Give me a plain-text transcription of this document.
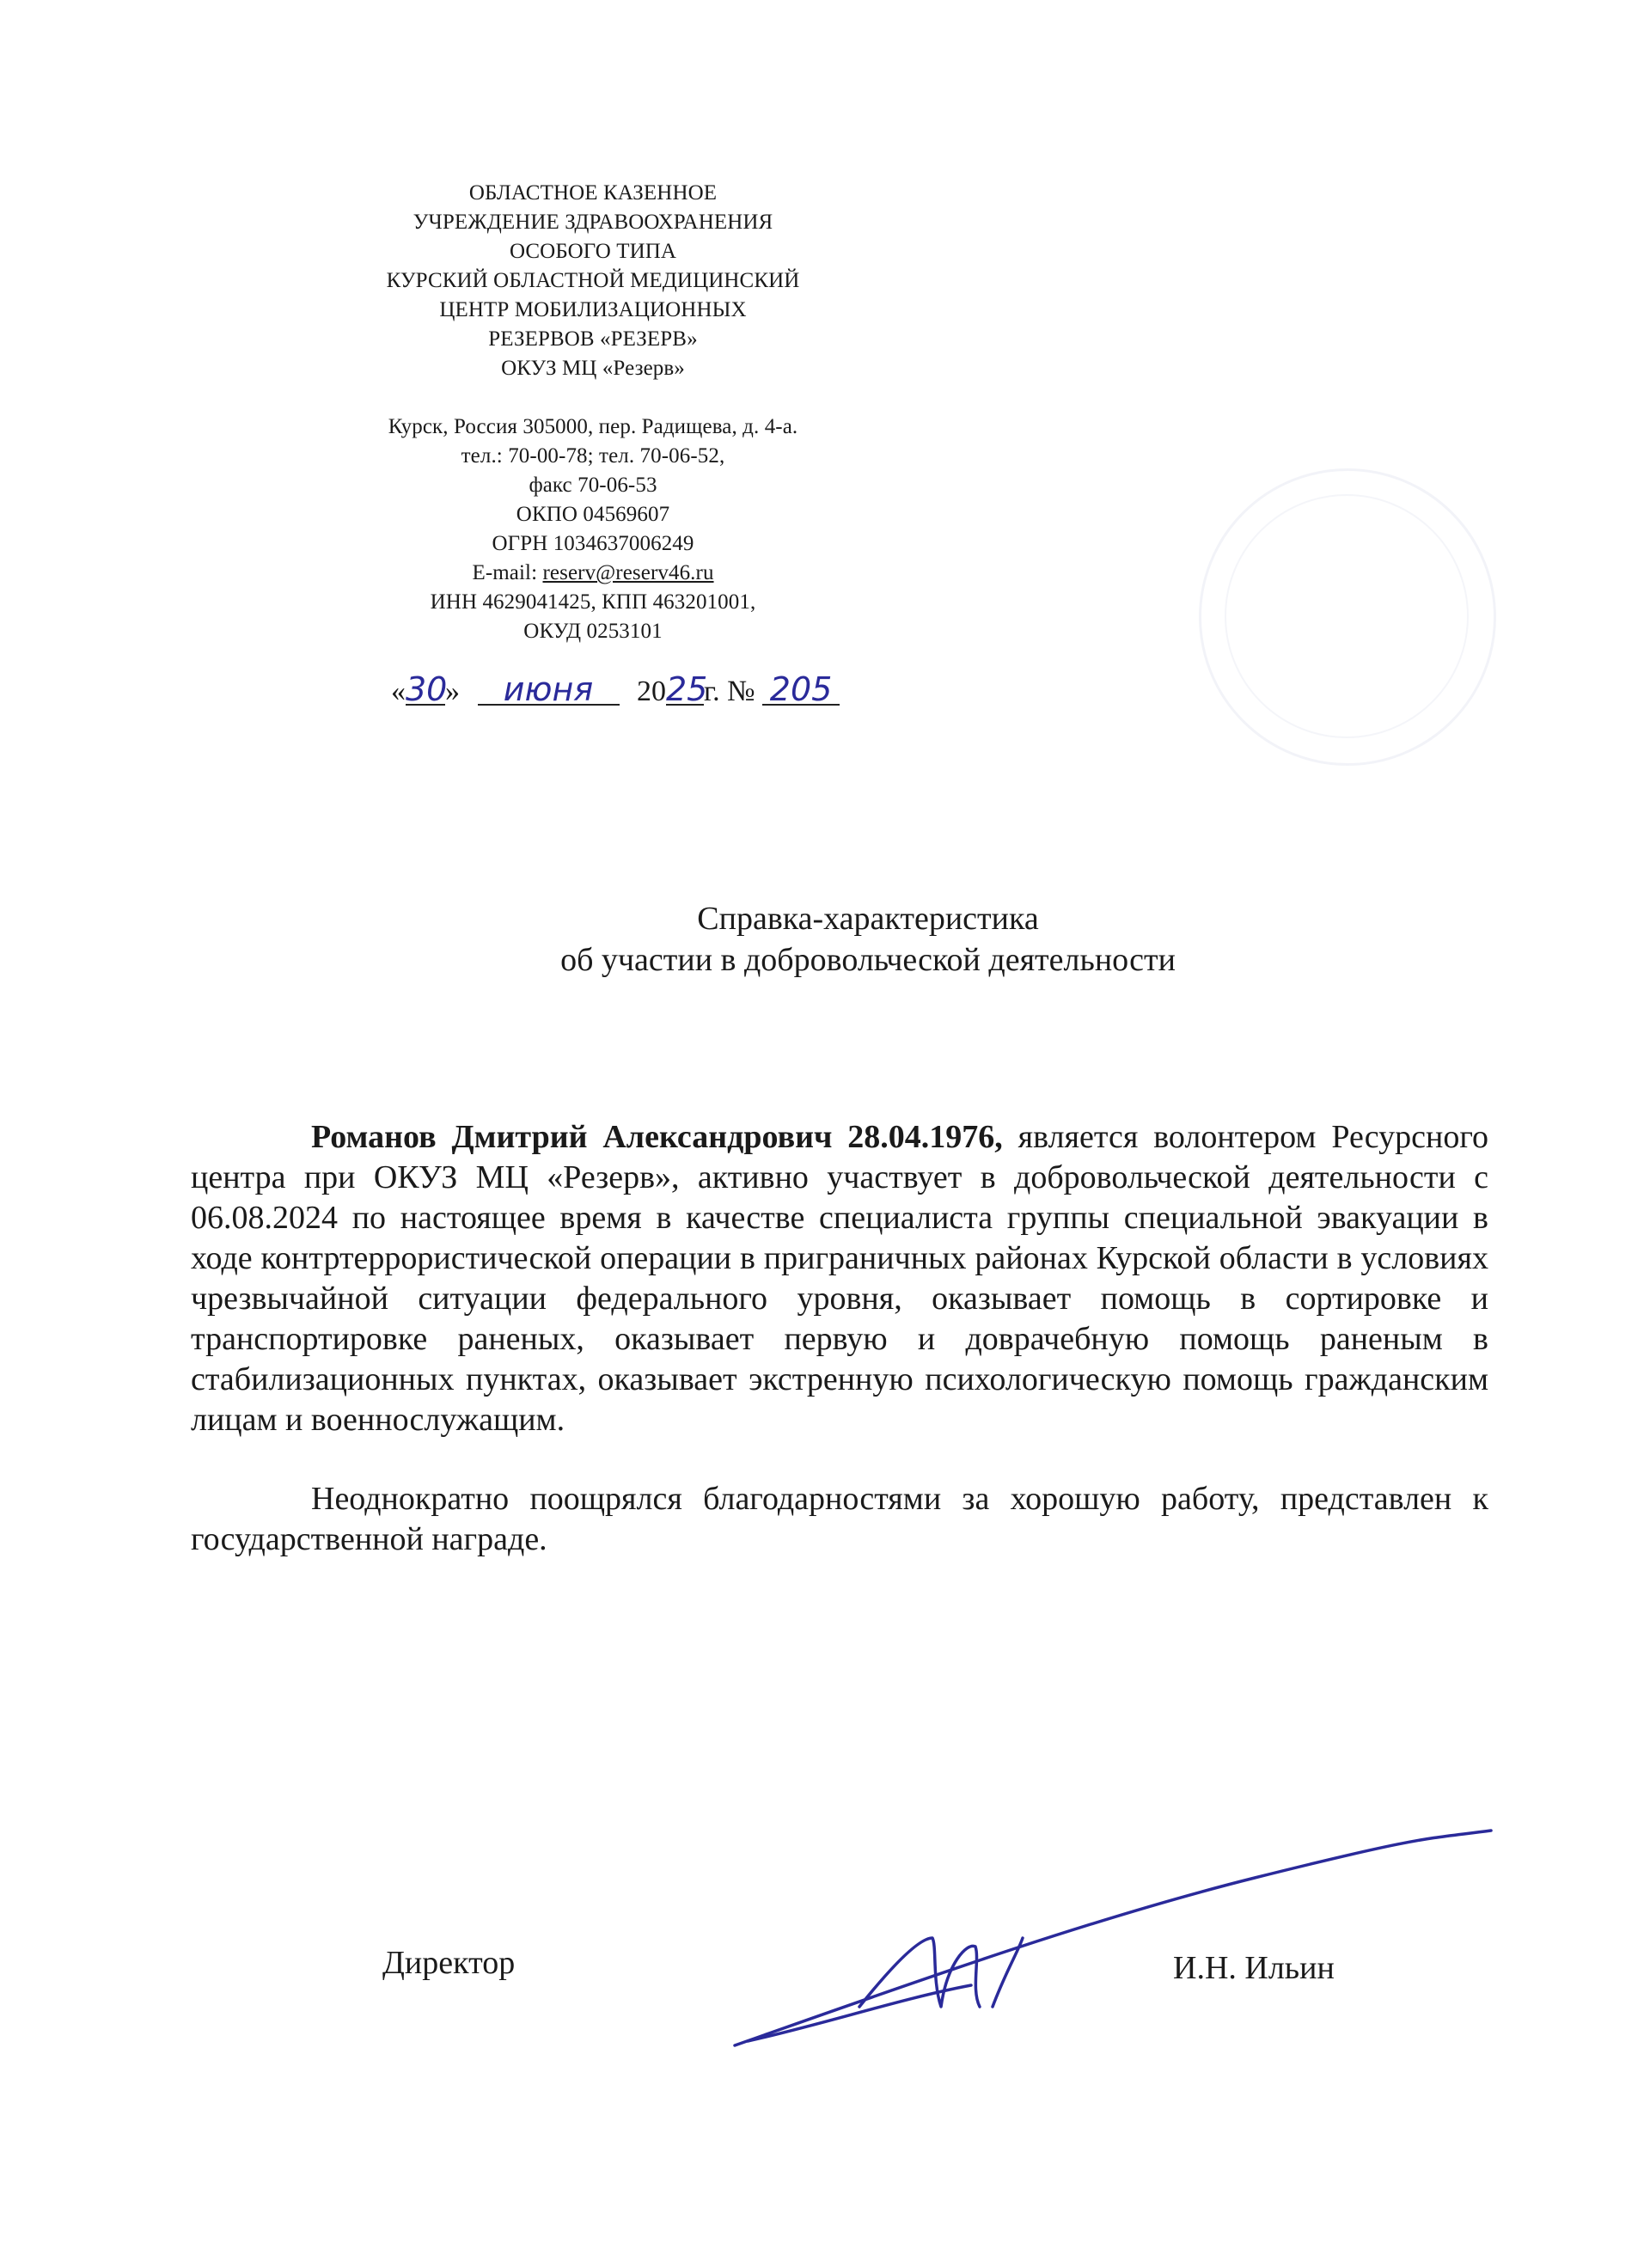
ОБЛАСТНОЕ КАЗЕННОЕ
УЧРЕЖДЕНИЕ ЗДРАВООХРАНЕНИЯ
ОСОБОГО ТИПА
КУРСКИЙ ОБЛАСТНОЙ МЕДИЦИНСКИЙ
ЦЕНТР МОБИЛИЗАЦИОННЫХ
РЕЗЕРВОВ «РЕЗЕРВ»
ОКУЗ МЦ «Резерв»
Курск, Россия 305000, пер. Радищева, д. 4-а.
тел.: 70-00-78; тел. 70-06-52,
факс 70-06-53
ОКПО 04569607
ОГРН 1034637006249
E-mail: reserv@reserv46.ru
ИНН 4629041425, КПП 463201001,
ОКУД 0253101
«30» июня 2025г. № 205
Справка-характеристика
об участии в добровольческой деятельности

Романов Дмитрий Александрович 28.04.1976, является волонтером Ресурсного центра при ОКУЗ МЦ «Резерв», активно участвует в добровольческой деятельности с 06.08.2024 по настоящее время в качестве специалиста группы специальной эвакуации в ходе контртеррористической операции в приграничных районах Курской области в условиях чрезвычайной ситуации федерального уровня, оказывает помощь в сортировке и транспортировке раненых, оказывает первую и доврачебную помощь раненым в стабилизационных пунктах, оказывает экстренную психологическую помощь гражданским лицам и военнослужащим.

Неоднократно поощрялся благодарностями за хорошую работу, представлен к государственной награде.

Директор	И.Н. Ильин
